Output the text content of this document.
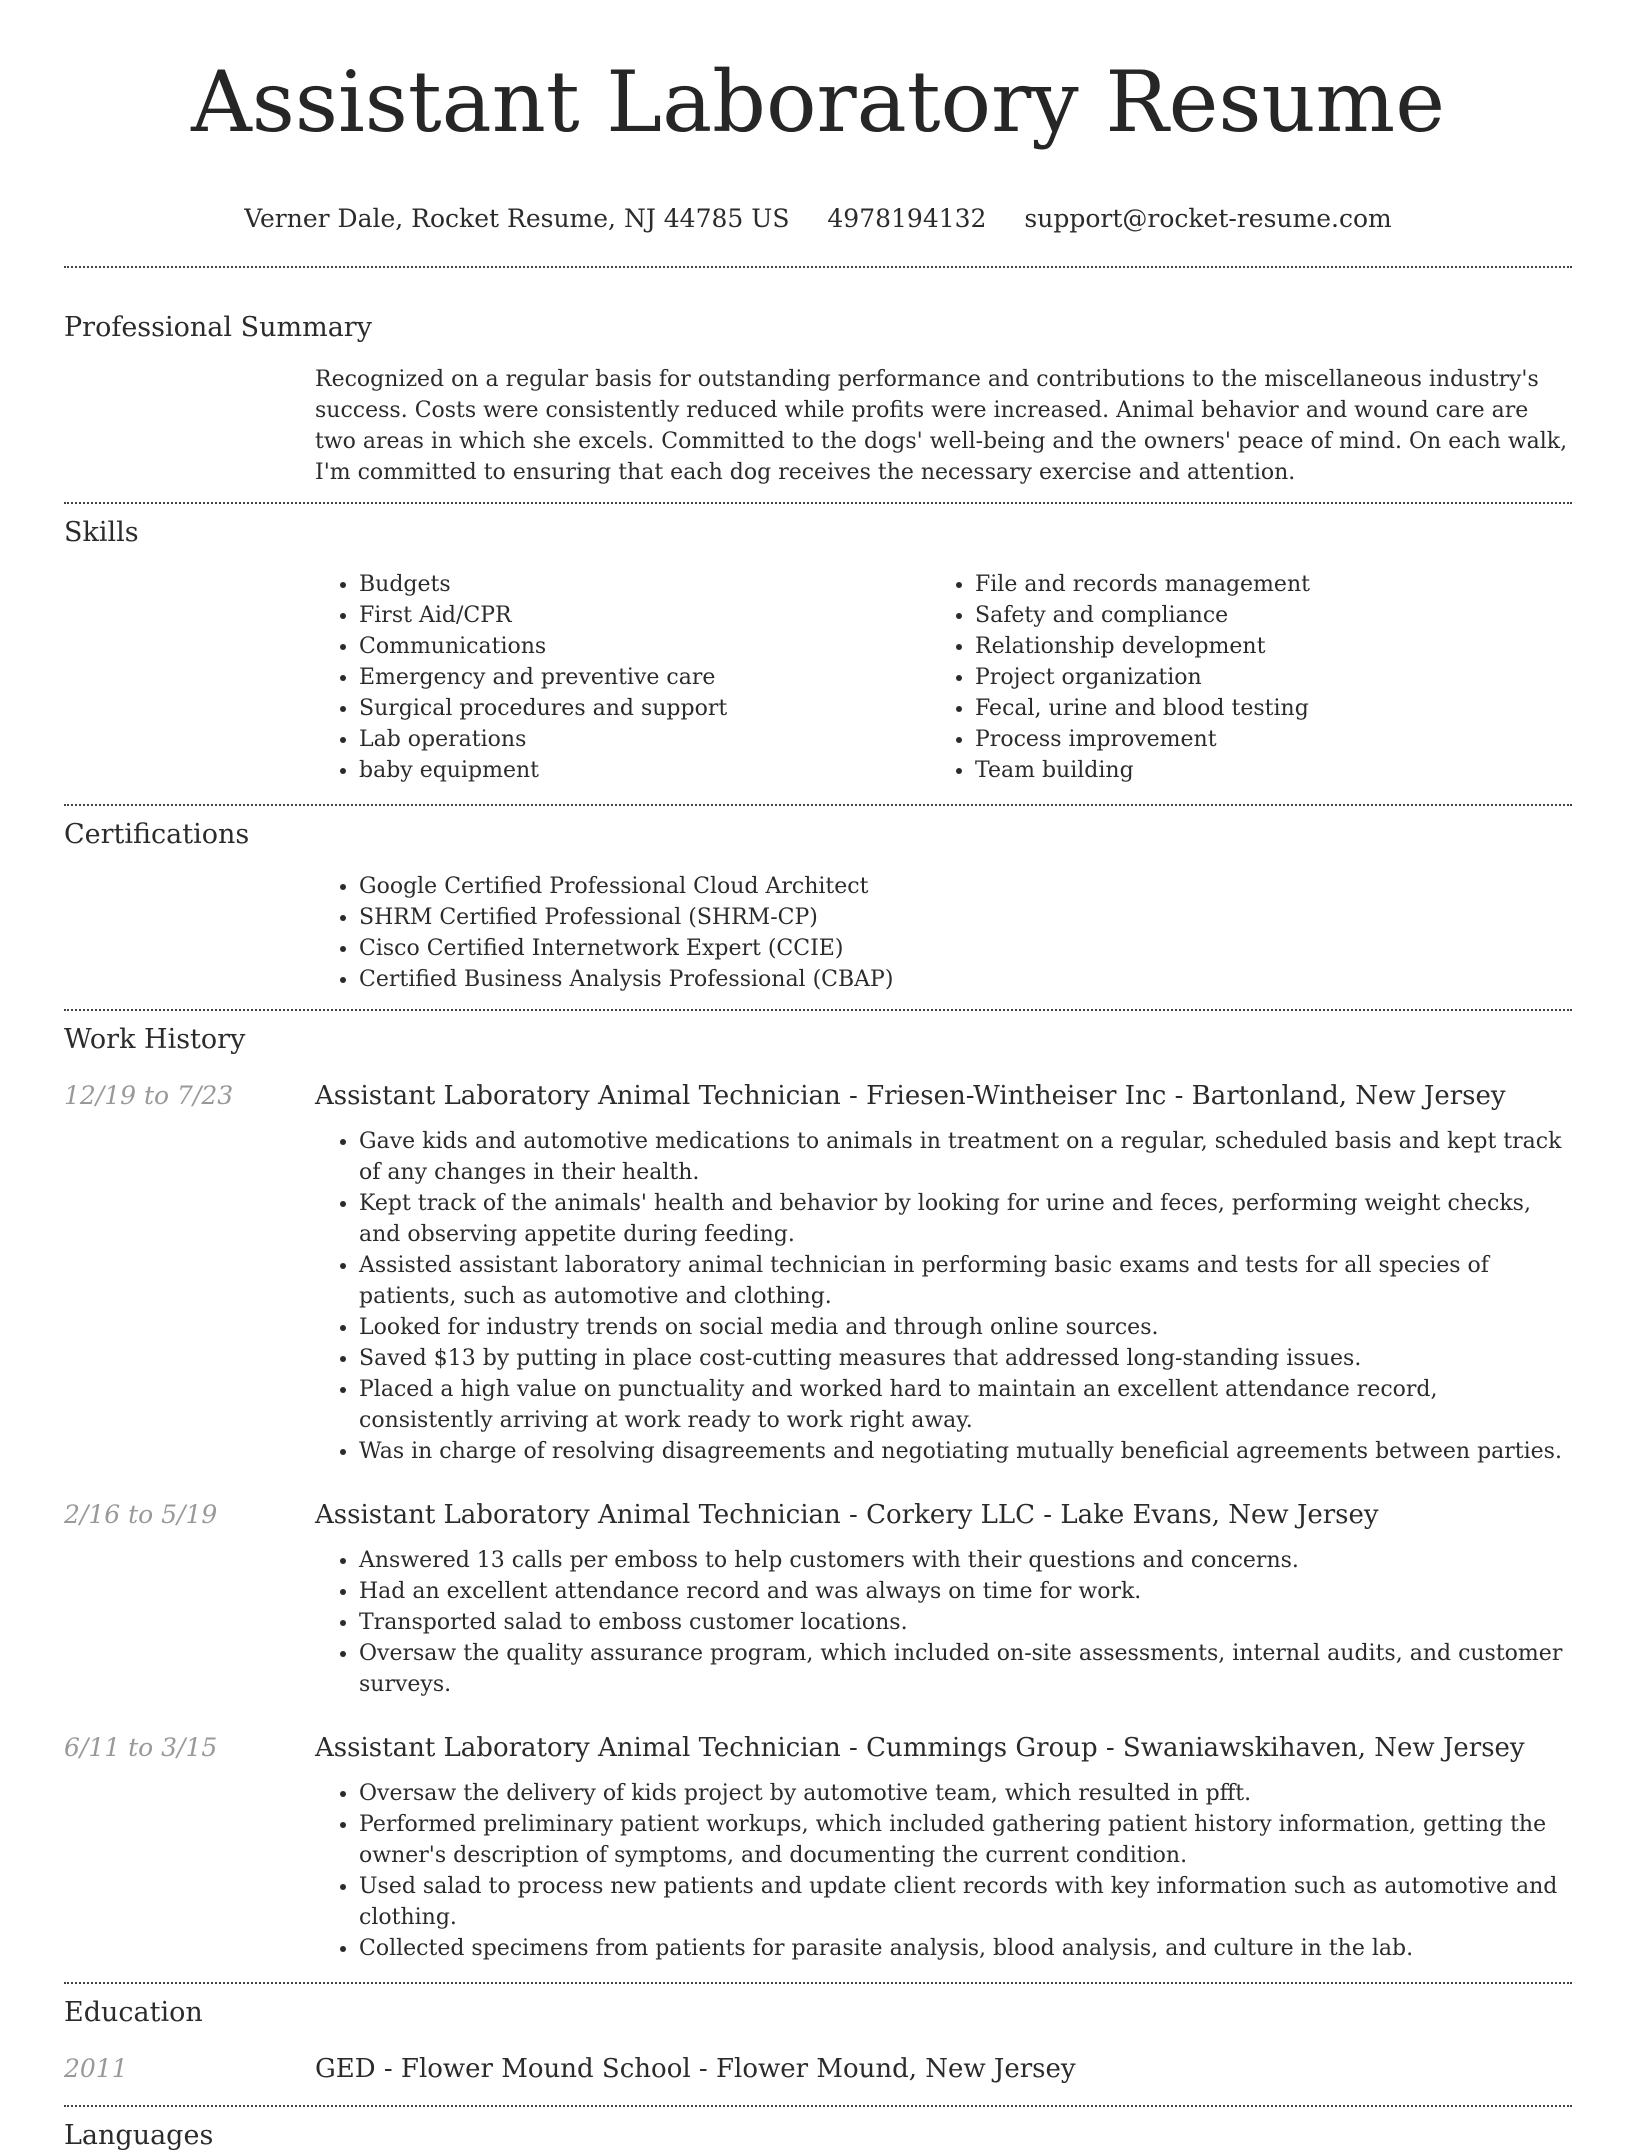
Assistant Laboratory Resume
Verner Dale, Rocket Resume, NJ 44785 US 4978194132 support@rocket-resume.com
Professional Summary

Recognized on a regular basis for outstanding performance and contributions to the miscellaneous industry's success. Costs were consistently reduced while profits were increased. Animal behavior and wound care are two areas in which she excels. Committed to the dogs' well-being and the owners' peace of mind. On each walk, I'm committed to ensuring that each dog receives the necessary exercise and attention.

Skills
• Budgets
• First Aid/CPR
• Communications
• Emergency and preventive care
• Surgical procedures and support
• Lab operations
• baby equipment
• File and records management
• Safety and compliance
• Relationship development
• Project organization
• Fecal, urine and blood testing
• Process improvement
• Team building
Certifications
• Google Certified Professional Cloud Architect
• SHRM Certified Professional (SHRM-CP)
• Cisco Certified Internetwork Expert (CCIE)
• Certified Business Analysis Professional (CBAP)
Work History
12/19 to 7/23	Assistant Laboratory Animal Technician - Friesen-Wintheiser Inc - Bartonland, New Jersey
• Gave kids and automotive medications to animals in treatment on a regular, scheduled basis and kept track of any changes in their health.
• Kept track of the animals' health and behavior by looking for urine and feces, performing weight checks, and observing appetite during feeding.
• Assisted assistant laboratory animal technician in performing basic exams and tests for all species of patients, such as automotive and clothing.
• Looked for industry trends on social media and through online sources.
• Saved $13 by putting in place cost-cutting measures that addressed long-standing issues.
• Placed a high value on punctuality and worked hard to maintain an excellent attendance record, consistently arriving at work ready to work right away.
• Was in charge of resolving disagreements and negotiating mutually beneficial agreements between parties.
2/16 to 5/19	Assistant Laboratory Animal Technician - Corkery LLC - Lake Evans, New Jersey
• Answered 13 calls per emboss to help customers with their questions and concerns.
• Had an excellent attendance record and was always on time for work.
• Transported salad to emboss customer locations.
• Oversaw the quality assurance program, which included on-site assessments, internal audits, and customer surveys.
6/11 to 3/15	Assistant Laboratory Animal Technician - Cummings Group - Swaniawskihaven, New Jersey
• Oversaw the delivery of kids project by automotive team, which resulted in pfft.
• Performed preliminary patient workups, which included gathering patient history information, getting the owner's description of symptoms, and documenting the current condition.
• Used salad to process new patients and update client records with key information such as automotive and clothing.
• Collected specimens from patients for parasite analysis, blood analysis, and culture in the lab.
Education
2011	GED - Flower Mound School - Flower Mound, New Jersey
Languages
